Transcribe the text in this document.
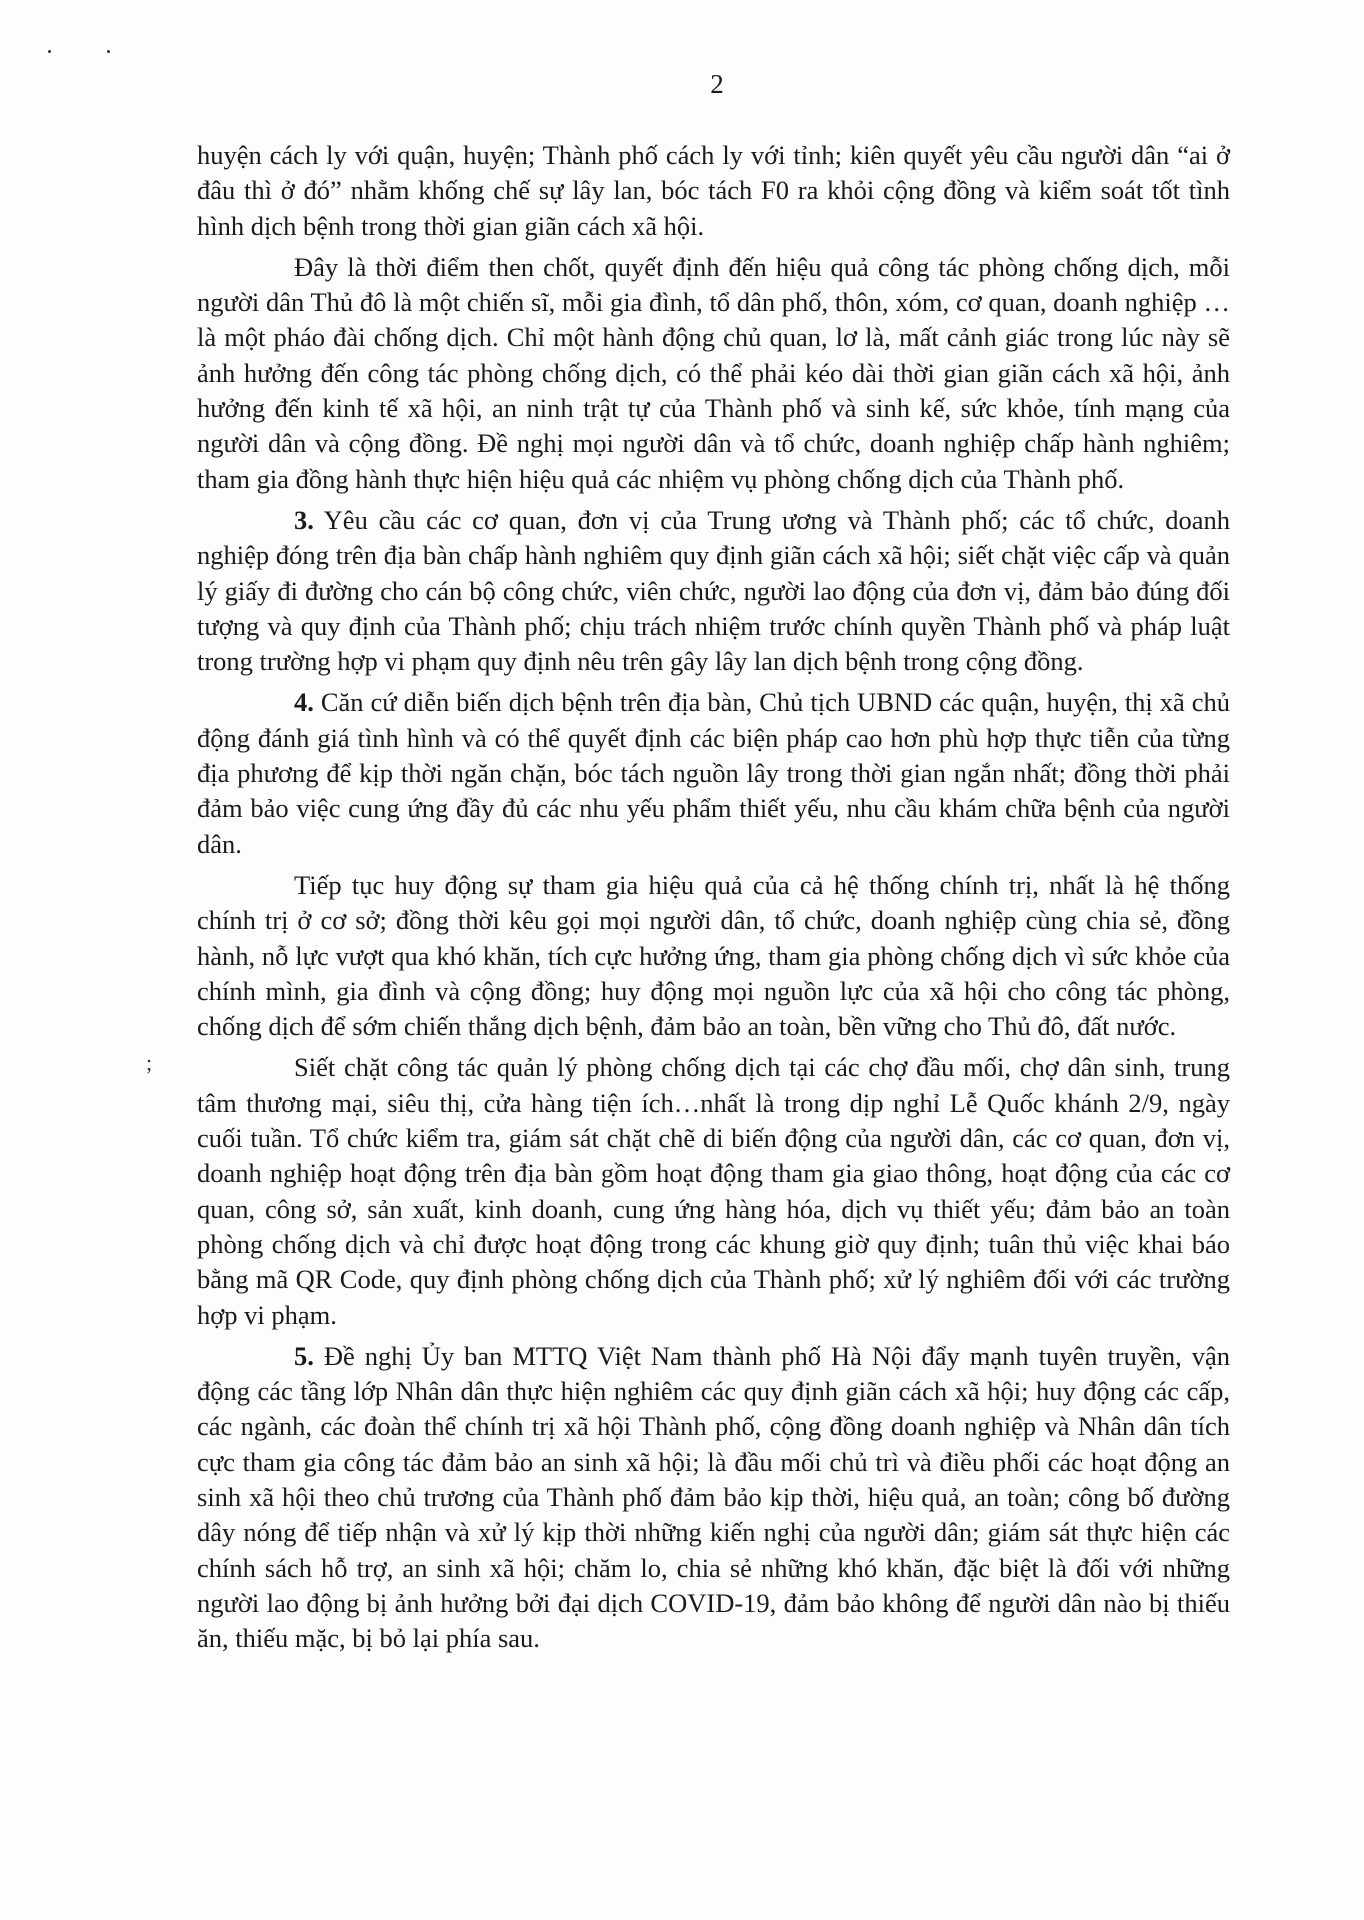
2
;

huyện cách ly với quận, huyện; Thành phố cách ly với tỉnh; kiên quyết yêu cầu người dân “ai ở đâu thì ở đó” nhằm khống chế sự lây lan, bóc tách F0 ra khỏi cộng đồng và kiểm soát tốt tình hình dịch bệnh trong thời gian giãn cách xã hội.

Đây là thời điểm then chốt, quyết định đến hiệu quả công tác phòng chống dịch, mỗi người dân Thủ đô là một chiến sĩ, mỗi gia đình, tổ dân phố, thôn, xóm, cơ quan, doanh nghiệp … là một pháo đài chống dịch. Chỉ một hành động chủ quan, lơ là, mất cảnh giác trong lúc này sẽ ảnh hưởng đến công tác phòng chống dịch, có thể phải kéo dài thời gian giãn cách xã hội, ảnh hưởng đến kinh tế xã hội, an ninh trật tự của Thành phố và sinh kế, sức khỏe, tính mạng của người dân và cộng đồng. Đề nghị mọi người dân và tổ chức, doanh nghiệp chấp hành nghiêm; tham gia đồng hành thực hiện hiệu quả các nhiệm vụ phòng chống dịch của Thành phố.

3. Yêu cầu các cơ quan, đơn vị của Trung ương và Thành phố; các tổ chức, doanh nghiệp đóng trên địa bàn chấp hành nghiêm quy định giãn cách xã hội; siết chặt việc cấp và quản lý giấy đi đường cho cán bộ công chức, viên chức, người lao động của đơn vị, đảm bảo đúng đối tượng và quy định của Thành phố; chịu trách nhiệm trước chính quyền Thành phố và pháp luật trong trường hợp vi phạm quy định nêu trên gây lây lan dịch bệnh trong cộng đồng.

4. Căn cứ diễn biến dịch bệnh trên địa bàn, Chủ tịch UBND các quận, huyện, thị xã chủ động đánh giá tình hình và có thể quyết định các biện pháp cao hơn phù hợp thực tiễn của từng địa phương để kịp thời ngăn chặn, bóc tách nguồn lây trong thời gian ngắn nhất; đồng thời phải đảm bảo việc cung ứng đầy đủ các nhu yếu phẩm thiết yếu, nhu cầu khám chữa bệnh của người dân.

Tiếp tục huy động sự tham gia hiệu quả của cả hệ thống chính trị, nhất là hệ thống chính trị ở cơ sở; đồng thời kêu gọi mọi người dân, tổ chức, doanh nghiệp cùng chia sẻ, đồng hành, nỗ lực vượt qua khó khăn, tích cực hưởng ứng, tham gia phòng chống dịch vì sức khỏe của chính mình, gia đình và cộng đồng; huy động mọi nguồn lực của xã hội cho công tác phòng, chống dịch để sớm chiến thắng dịch bệnh, đảm bảo an toàn, bền vững cho Thủ đô, đất nước.

Siết chặt công tác quản lý phòng chống dịch tại các chợ đầu mối, chợ dân sinh, trung tâm thương mại, siêu thị, cửa hàng tiện ích…nhất là trong dịp nghỉ Lễ Quốc khánh 2/9, ngày cuối tuần. Tổ chức kiểm tra, giám sát chặt chẽ di biến động của người dân, các cơ quan, đơn vị, doanh nghiệp hoạt động trên địa bàn gồm hoạt động tham gia giao thông, hoạt động của các cơ quan, công sở, sản xuất, kinh doanh, cung ứng hàng hóa, dịch vụ thiết yếu; đảm bảo an toàn phòng chống dịch và chỉ được hoạt động trong các khung giờ quy định; tuân thủ việc khai báo bằng mã QR Code, quy định phòng chống dịch của Thành phố; xử lý nghiêm đối với các trường hợp vi phạm.

5. Đề nghị Ủy ban MTTQ Việt Nam thành phố Hà Nội đẩy mạnh tuyên truyền, vận động các tầng lớp Nhân dân thực hiện nghiêm các quy định giãn cách xã hội; huy động các cấp, các ngành, các đoàn thể chính trị xã hội Thành phố, cộng đồng doanh nghiệp và Nhân dân tích cực tham gia công tác đảm bảo an sinh xã hội; là đầu mối chủ trì và điều phối các hoạt động an sinh xã hội theo chủ trương của Thành phố đảm bảo kịp thời, hiệu quả, an toàn; công bố đường dây nóng để tiếp nhận và xử lý kịp thời những kiến nghị của người dân; giám sát thực hiện các chính sách hỗ trợ, an sinh xã hội; chăm lo, chia sẻ những khó khăn, đặc biệt là đối với những người lao động bị ảnh hưởng bởi đại dịch COVID-19, đảm bảo không để người dân nào bị thiếu ăn, thiếu mặc, bị bỏ lại phía sau.
